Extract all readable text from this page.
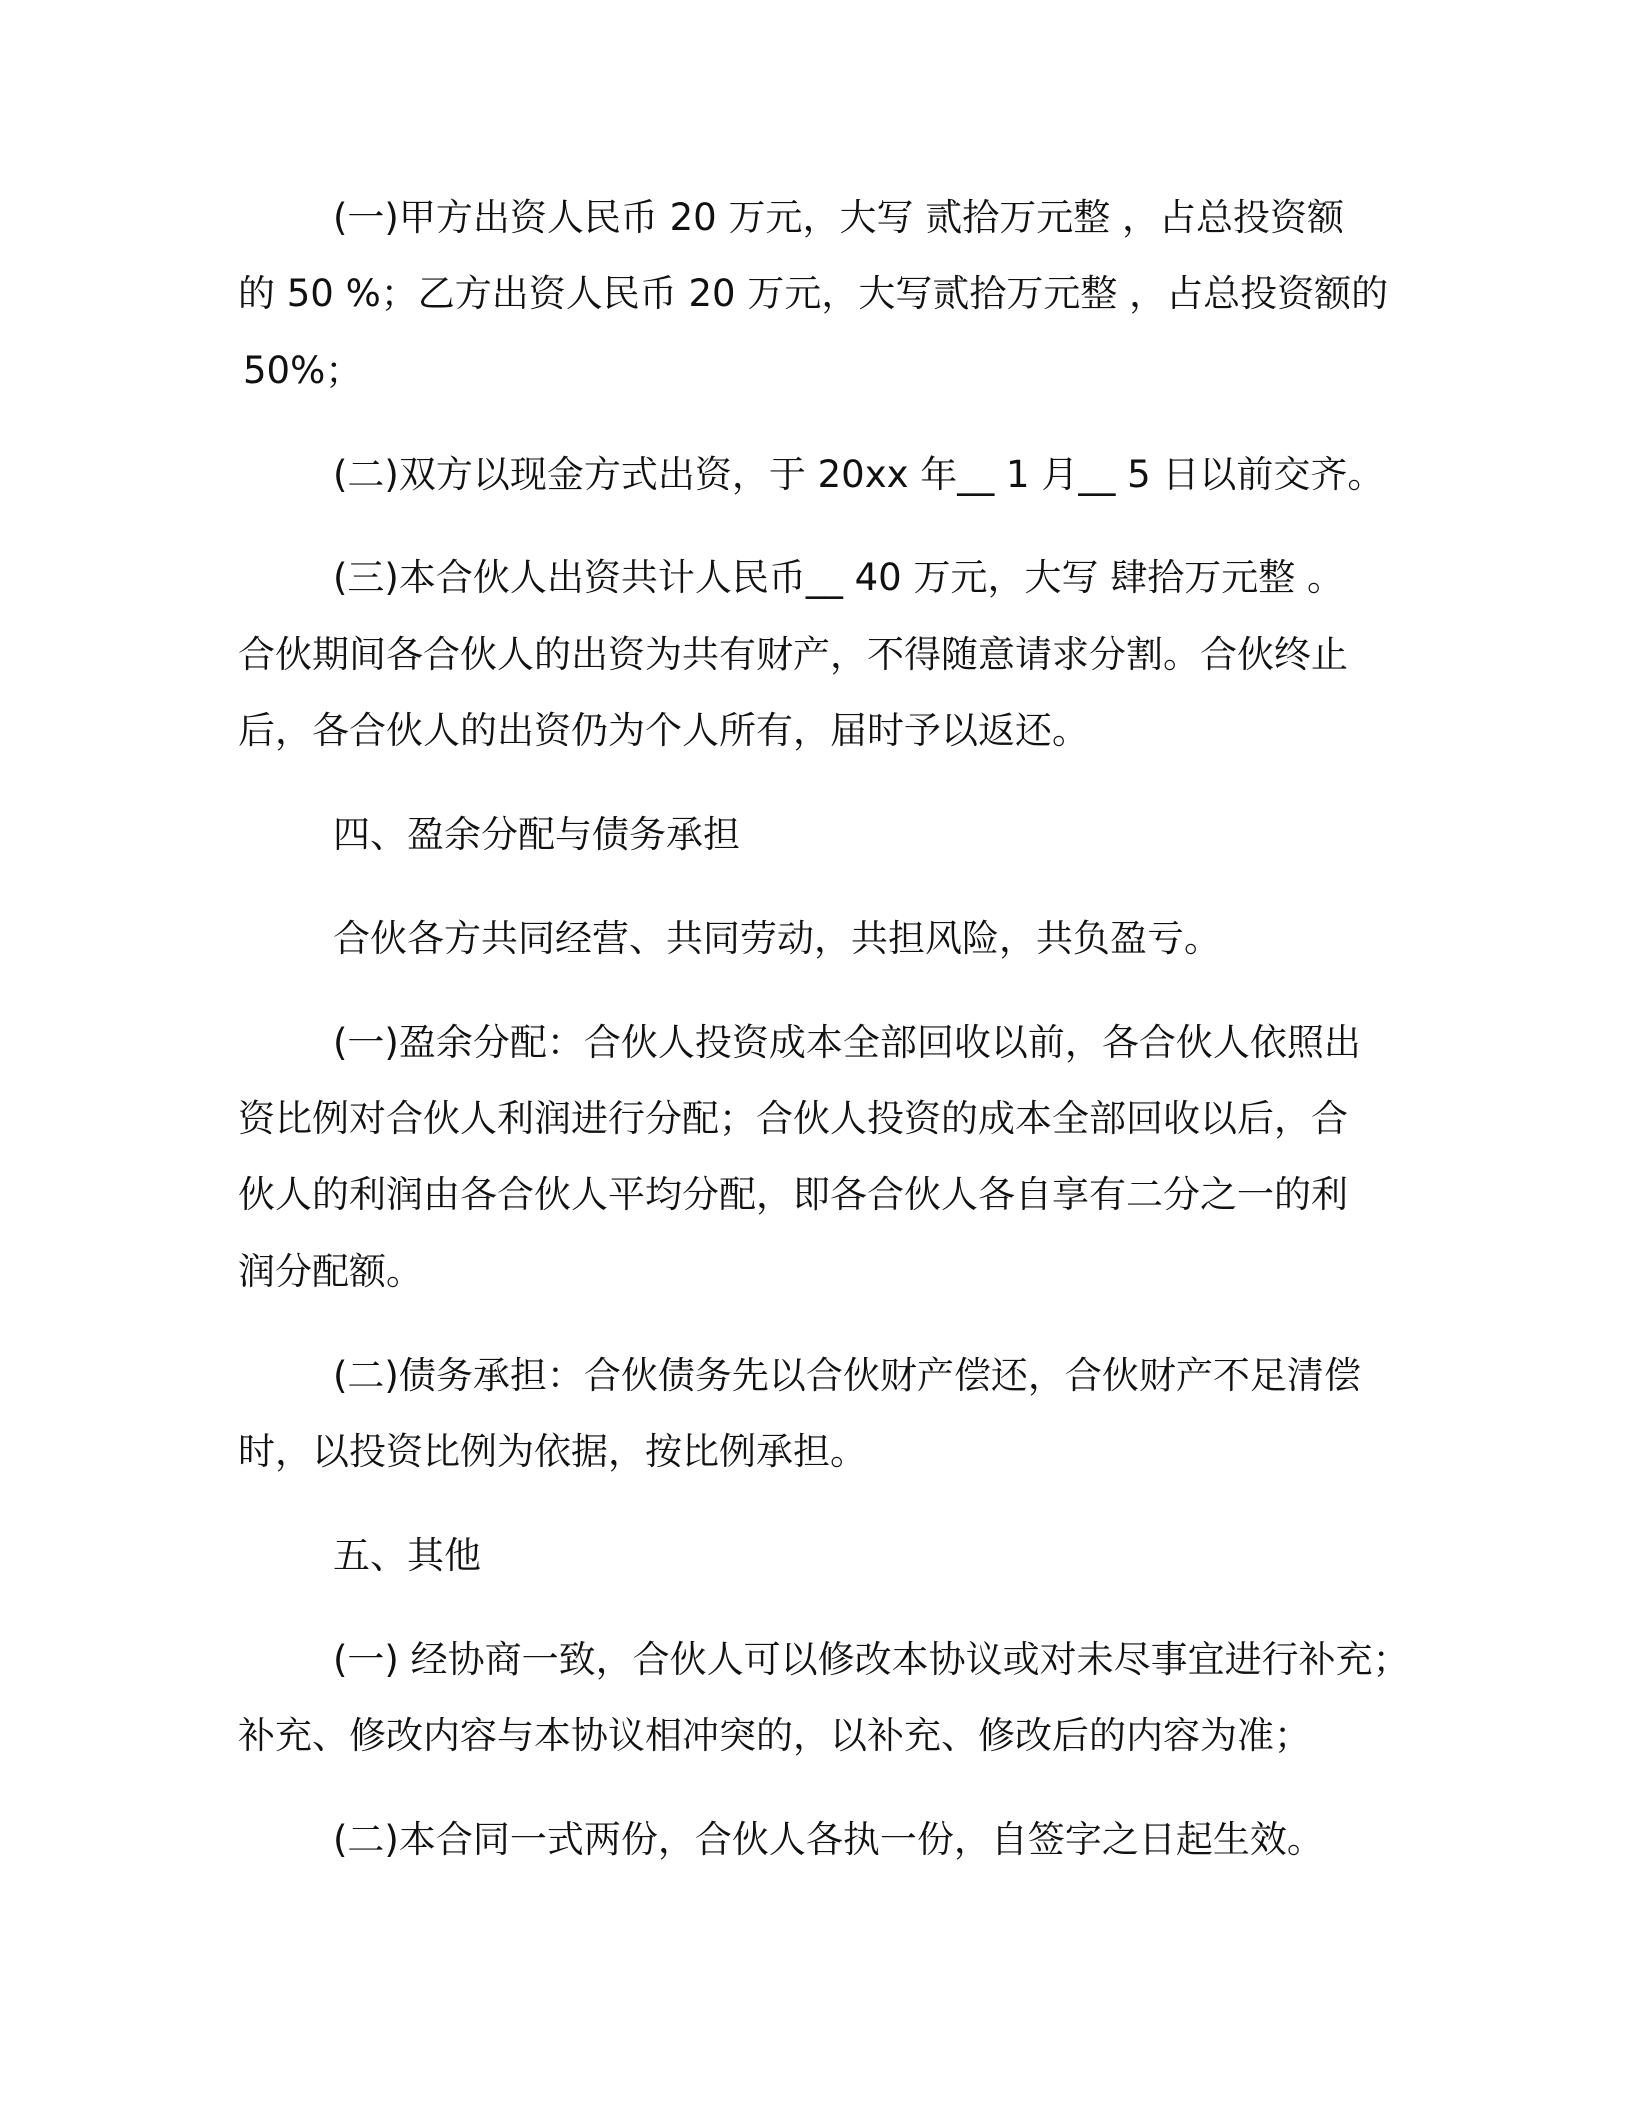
(一)甲方出资人民币 20 万元，大写 贰拾万元整 ，占总投资额
的 50 %；乙方出资人民币 20 万元，大写贰拾万元整 ，占总投资额的
50%；
(二)双方以现金方式出资，于 20xx 年__ 1 月__ 5 日以前交齐。
(三)本合伙人出资共计人民币__ 40 万元，大写 肆拾万元整 。
合伙期间各合伙人的出资为共有财产，不得随意请求分割。合伙终止
后，各合伙人的出资仍为个人所有，届时予以返还。
四、盈余分配与债务承担
合伙各方共同经营、共同劳动，共担风险，共负盈亏。
(一)盈余分配：合伙人投资成本全部回收以前，各合伙人依照出
资比例对合伙人利润进行分配；合伙人投资的成本全部回收以后，合
伙人的利润由各合伙人平均分配，即各合伙人各自享有二分之一的利
润分配额。
(二)债务承担：合伙债务先以合伙财产偿还，合伙财产不足清偿
时，以投资比例为依据，按比例承担。
五、其他
(一) 经协商一致，合伙人可以修改本协议或对未尽事宜进行补充；
补充、修改内容与本协议相冲突的，以补充、修改后的内容为准；
(二)本合同一式两份，合伙人各执一份，自签字之日起生效。
